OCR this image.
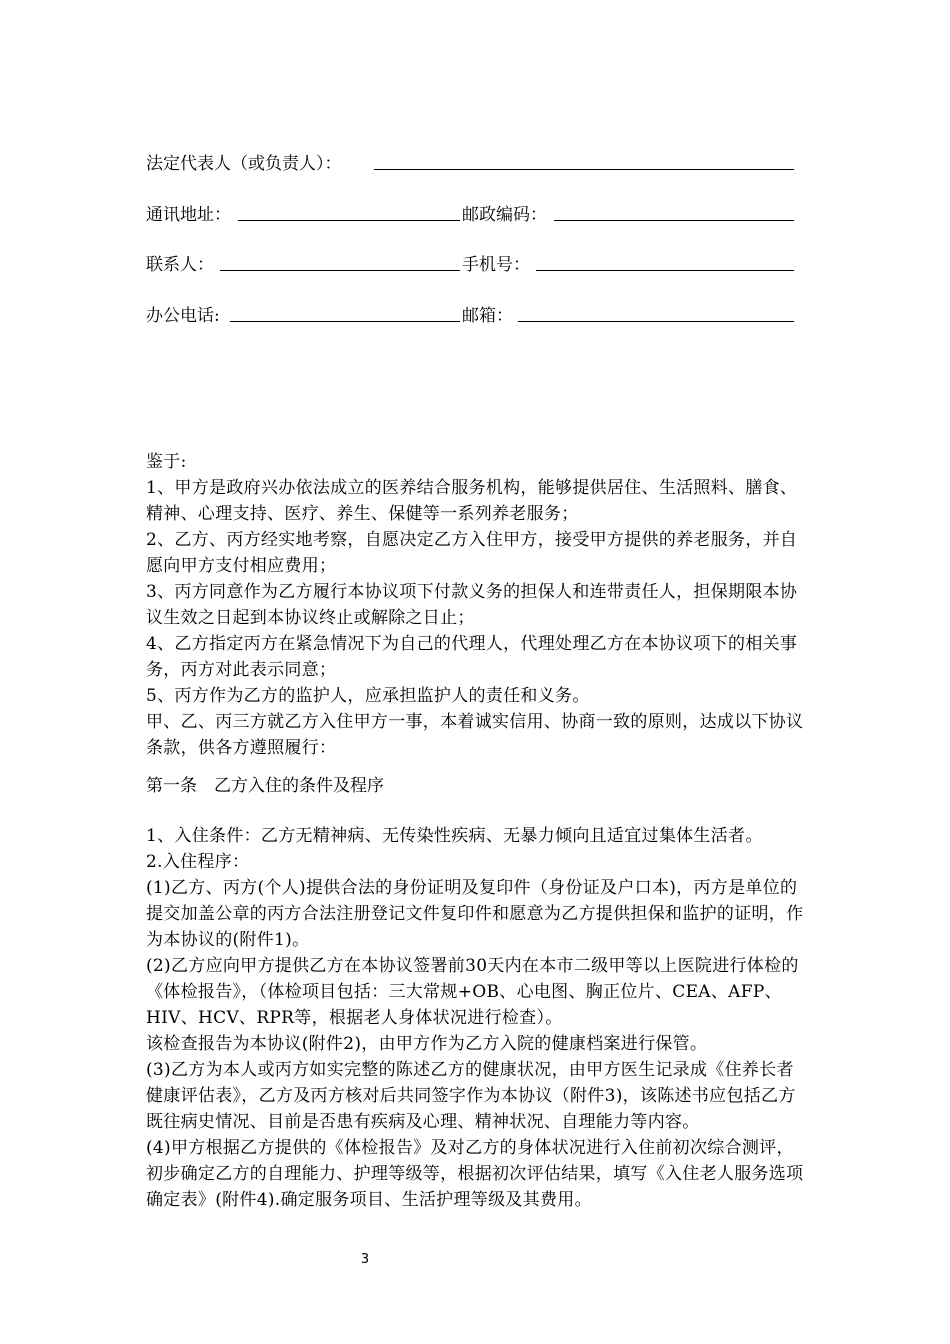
法定代表人（或负责人）：
通讯地址：	邮政编码：
联系人：	手机号：
办公电话:	邮箱：

鉴于:

1、甲方是政府兴办依法成立的医养结合服务机构，能够提供居住、生活照料、膳食、精神、心理支持、医疗、养生、保健等一系列养老服务；

2、乙方、丙方经实地考察，自愿决定乙方入住甲方，接受甲方提供的养老服务，并自愿向甲方支付相应费用；

3、丙方同意作为乙方履行本协议项下付款义务的担保人和连带责任人，担保期限本协议生效之日起到本协议终止或解除之日止；

4、乙方指定丙方在紧急情况下为自己的代理人，代理处理乙方在本协议项下的相关事务，丙方对此表示同意；

5、丙方作为乙方的监护人，应承担监护人的责任和义务。

甲、乙、丙三方就乙方入住甲方一事，本着诚实信用、协商一致的原则，达成以下协议条款，供各方遵照履行：

第一条　乙方入住的条件及程序

1、入住条件：乙方无精神病、无传染性疾病、无暴力倾向且适宜过集体生活者。

2.入住程序：

(1)乙方、丙方(个人)提供合法的身份证明及复印件（身份证及户口本)，丙方是单位的提交加盖公章的丙方合法注册登记文件复印件和愿意为乙方提供担保和监护的证明，作为本协议的(附件1)。

(2)乙方应向甲方提供乙方在本协议签署前30天内在本市二级甲等以上医院进行体检的《体检报告》，（体检项目包括：三大常规+OB、心电图、胸正位片、CEA、AFP、HIV、HCV、RPR等，根据老人身体状况进行检查）。

该检查报告为本协议(附件2)，由甲方作为乙方入院的健康档案进行保管。

(3)乙方为本人或丙方如实完整的陈述乙方的健康状况，由甲方医生记录成《住养长者健康评估表》，乙方及丙方核对后共同签字作为本协议（附件3)，该陈述书应包括乙方既往病史情况、目前是否患有疾病及心理、精神状况、自理能力等内容。

(4)甲方根据乙方提供的《体检报告》及对乙方的身体状况进行入住前初次综合测评，初步确定乙方的自理能力、护理等级等，根据初次评估结果，填写《入住老人服务选项确定表》(附件4).确定服务项目、生活护理等级及其费用。

3
